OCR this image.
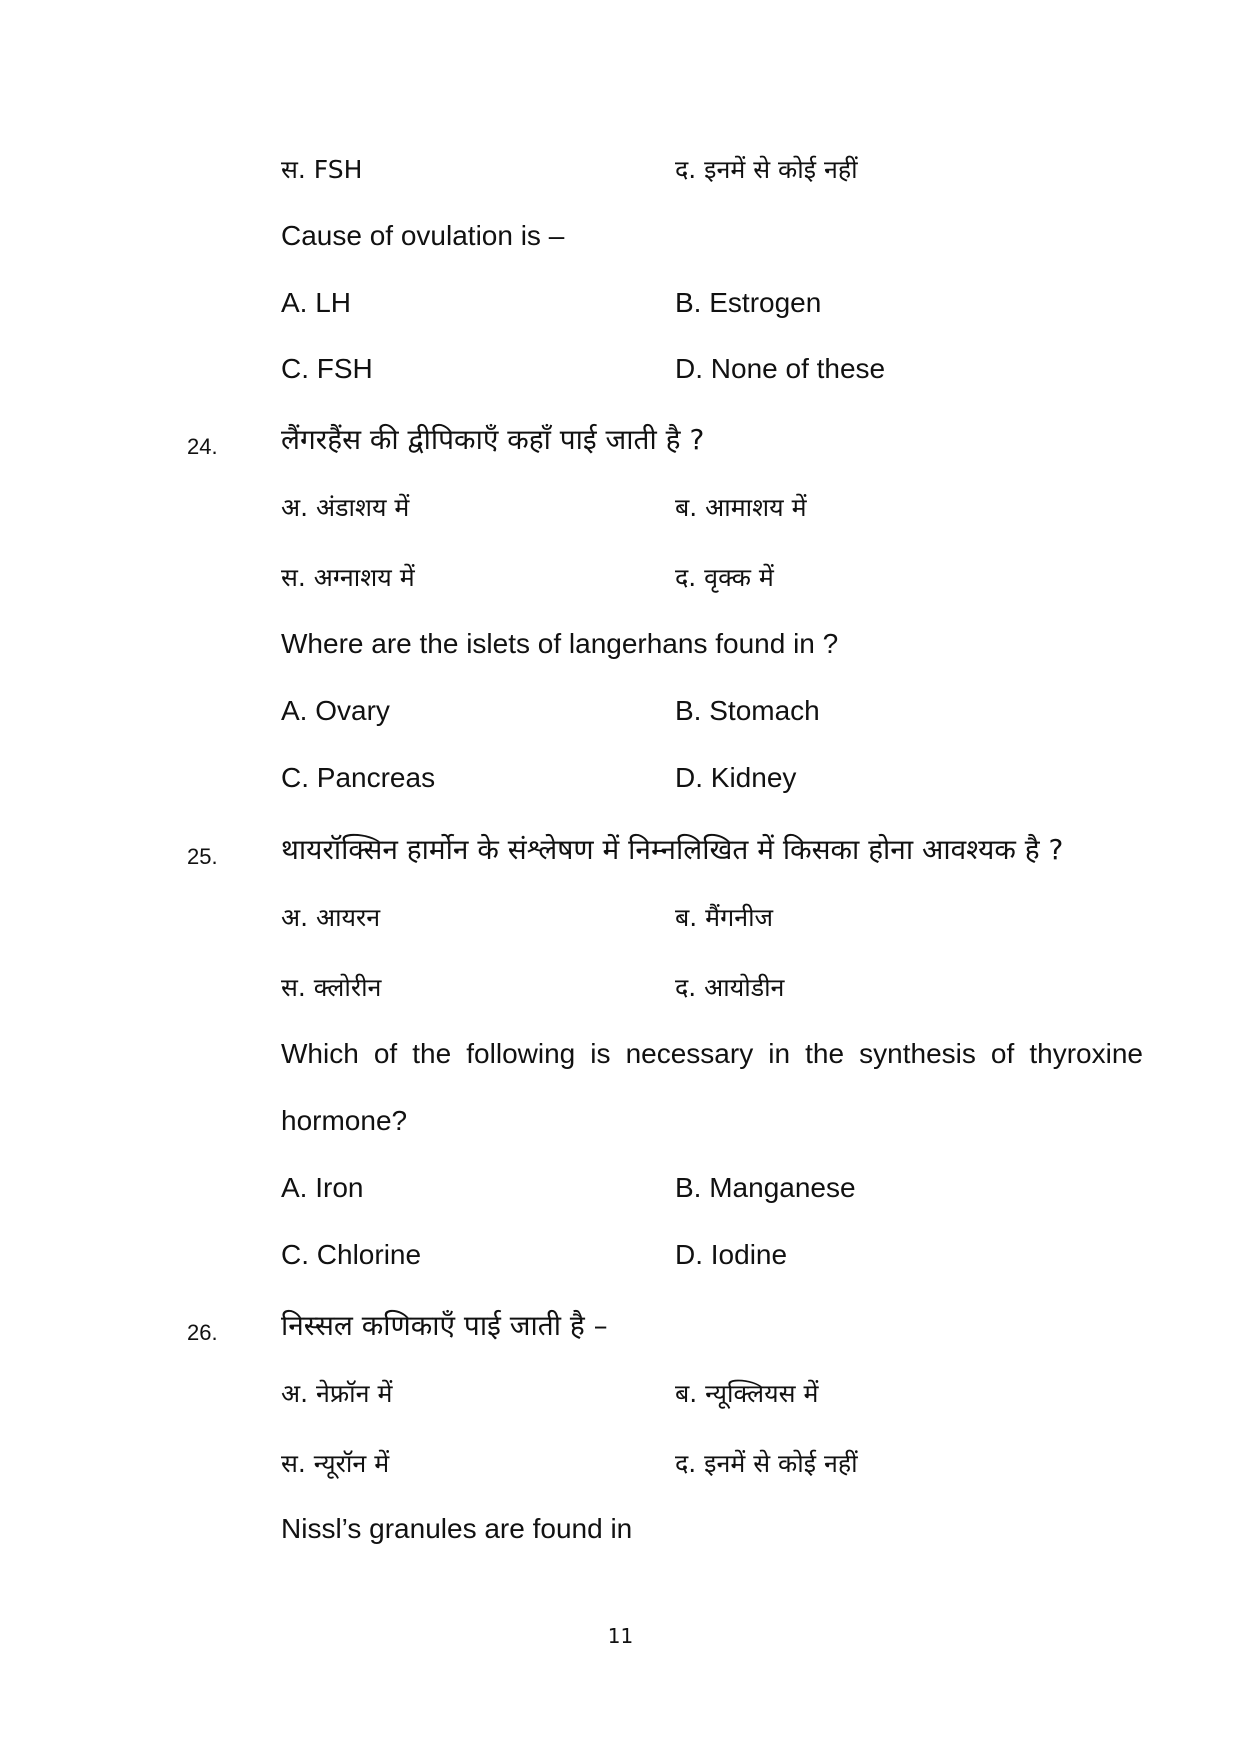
स. FSH	द. इनमें से कोई नहीं
Cause of ovulation is –
A. LH	B. Estrogen
C. FSH	D. None of these
24. लैंगरहैंस की द्वीपिकाएँ कहाँ पाई जाती है ?
अ. अंडाशय में	ब. आमाशय में
स. अग्नाशय में	द. वृक्क में
Where are the islets of langerhans found in ?
A. Ovary	B. Stomach
C. Pancreas	D. Kidney
25. थायरॉक्सिन हार्मोन के संश्लेषण में निम्नलिखित में किसका होना आवश्यक है ?
अ. आयरन	ब. मैंगनीज
स. क्लोरीन	द. आयोडीन
Which of the following is necessary in the synthesis of thyroxine
hormone?
A. Iron	B. Manganese
C. Chlorine	D. Iodine
26. निस्सल कणिकाएँ पाई जाती है –
अ. नेफ्रॉन में	ब. न्यूक्लियस में
स. न्यूरॉन में	द. इनमें से कोई नहीं
Nissl’s granules are found in
11
